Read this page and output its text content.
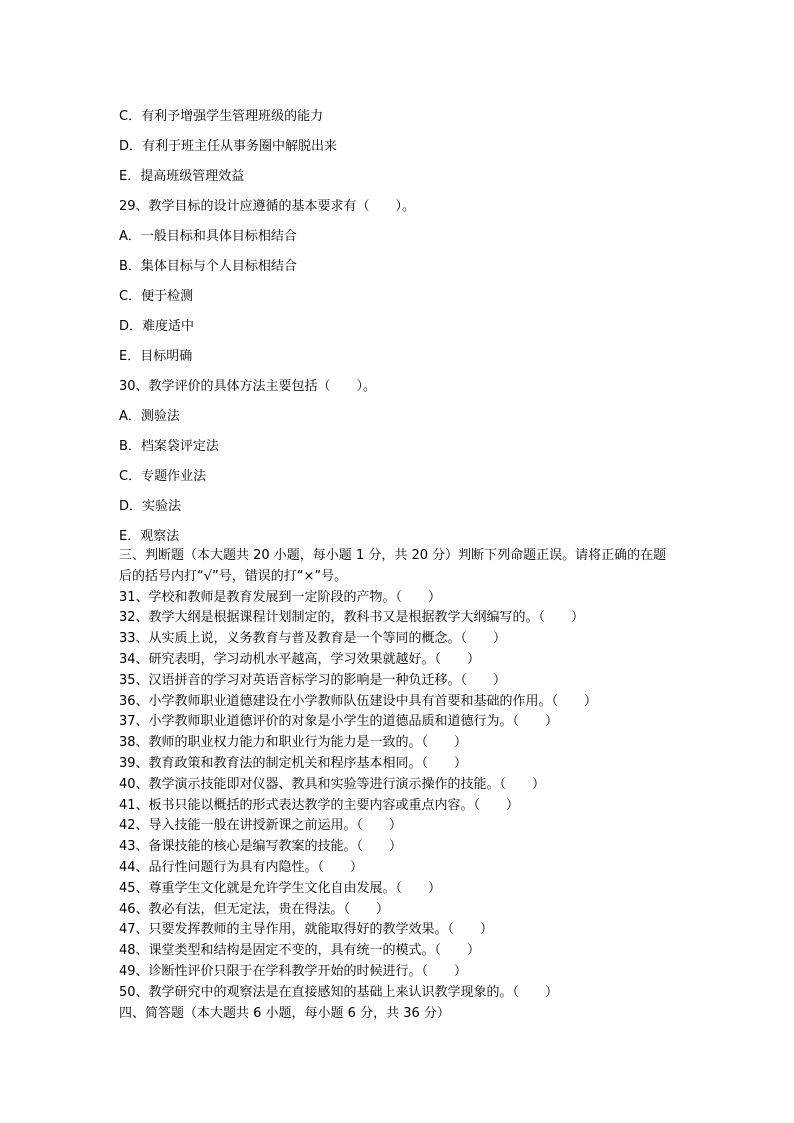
C．有利予增强学生管理班级的能力
D．有利于班主任从事务圈中解脱出来
E．提高班级管理效益
29、教学目标的设计应遵循的基本要求有（　　）。
A．一般目标和具体目标相结合
B．集体目标与个人目标相结合
C．便于检测
D．难度适中
E．目标明确
30、教学评价的具体方法主要包括（　　）。
A．测验法
B．档案袋评定法
C．专题作业法
D．实验法
E．观察法
三、判断题（本大题共 20 小题，每小题 1 分，共 20 分）判断下列命题正误。请将正确的在题后的括号内打“√”号，错误的打“×”号。
31、学校和教师是教育发展到一定阶段的产物。（　　）
32、教学大纲是根据课程计划制定的，教科书又是根据教学大纲编写的。（　　）
33、从实质上说，义务教育与普及教育是一个等同的概念。（　　）
34、研究表明，学习动机水平越高，学习效果就越好。（　　）
35、汉语拼音的学习对英语音标学习的影响是一种负迁移。（　　）
36、小学教师职业道德建设在小学教师队伍建设中具有首要和基础的作用。（　　）
37、小学教师职业道德评价的对象是小学生的道德品质和道德行为。（　　）
38、教师的职业权力能力和职业行为能力是一致的。（　　）
39、教育政策和教育法的制定机关和程序基本相同。（　　）
40、教学演示技能即对仪器、教具和实验等进行演示操作的技能。（　　）
41、板书只能以概括的形式表达教学的主要内容或重点内容。（　　）
42、导入技能一般在讲授新课之前运用。（　　）
43、备课技能的核心是编写教案的技能。（　　）
44、品行性问题行为具有内隐性。（　　）
45、尊重学生文化就是允许学生文化自由发展。（　　）
46、教必有法，但无定法，贵在得法。（　　）
47、只要发挥教师的主导作用，就能取得好的教学效果。（　　）
48、课堂类型和结构是固定不变的，具有统一的模式。（　　）
49、诊断性评价只限于在学科教学开始的时候进行。（　　）
50、教学研究中的观察法是在直接感知的基础上来认识教学现象的。（　　）
四、简答题（本大题共 6 小题，每小题 6 分，共 36 分）
